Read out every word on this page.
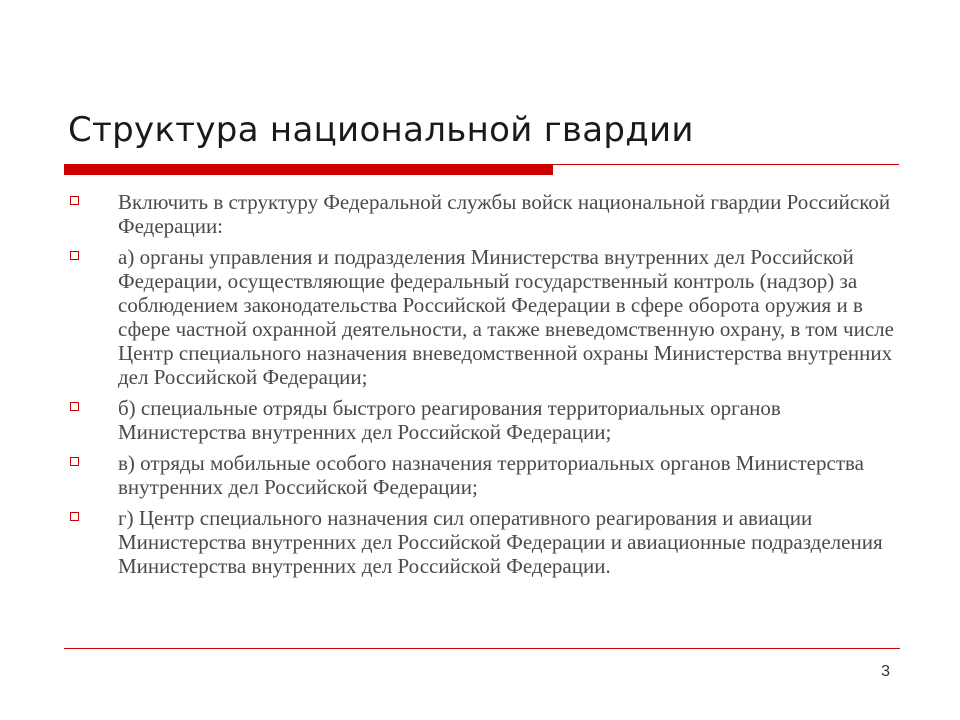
Структура национальной гвардии
Включить в структуру Федеральной службы войск национальной гвардии Российской Федерации:
а) органы управления и подразделения Министерства внутренних дел Российской Федерации, осуществляющие федеральный государственный контроль (надзор) за соблюдением законодательства Российской Федерации в сфере оборота оружия и в сфере частной охранной деятельности, а также вневедомственную охрану, в том числе Центр специального назначения вневедомственной охраны Министерства внутренних дел Российской Федерации;
б) специальные отряды быстрого реагирования территориальных органов Министерства внутренних дел Российской Федерации;
в) отряды мобильные особого назначения территориальных органов Министерства внутренних дел Российской Федерации;
г) Центр специального назначения сил оперативного реагирования и авиации Министерства внутренних дел Российской Федерации и авиационные подразделения Министерства внутренних дел Российской Федерации.
3
